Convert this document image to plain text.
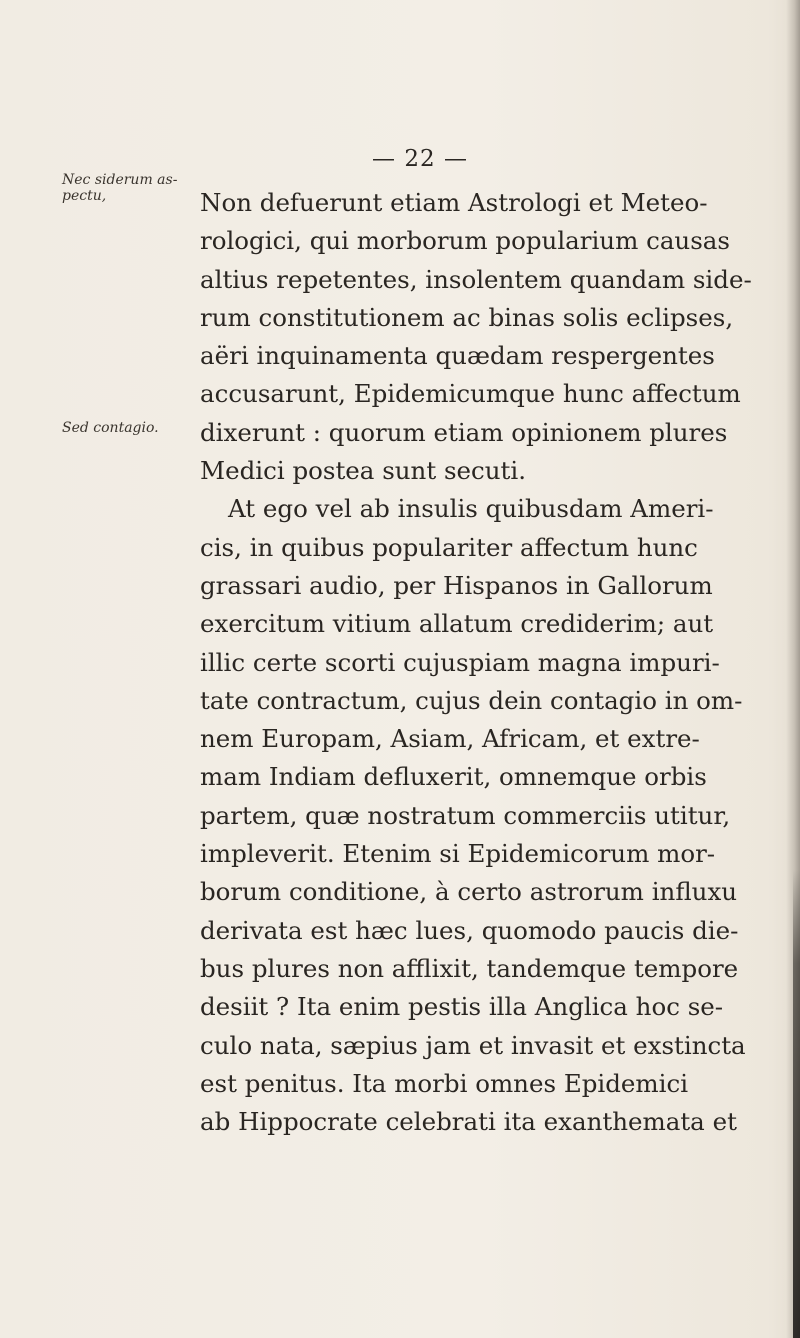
— 22 —
Nec siderum as-
pectu,
Sed contagio.
Non defuerunt etiam Astrologi et Meteo-
rologici, qui morborum popularium causas
altius repetentes, insolentem quandam side-
rum constitutionem ac binas solis eclipses,
aëri inquinamenta quædam respergentes
accusarunt, Epidemicumque hunc affectum
dixerunt : quorum etiam opinionem plures
Medici postea sunt secuti.
At ego vel ab insulis quibusdam Ameri-
cis, in quibus populariter affectum hunc
grassari audio, per Hispanos in Gallorum
exercitum vitium allatum crediderim; aut
illic certe scorti cujuspiam magna impuri-
tate contractum, cujus dein contagio in om-
nem Europam, Asiam, Africam, et extre-
mam Indiam defluxerit, omnemque orbis
partem, quæ nostratum commerciis utitur,
impleverit. Etenim si Epidemicorum mor-
borum conditione, à certo astrorum influxu
derivata est hæc lues, quomodo paucis die-
bus plures non afflixit, tandemque tempore
desiit ? Ita enim pestis illa Anglica hoc se-
culo nata, sæpius jam et invasit et exstincta
est penitus. Ita morbi omnes Epidemici
ab Hippocrate celebrati ita exanthemata et
